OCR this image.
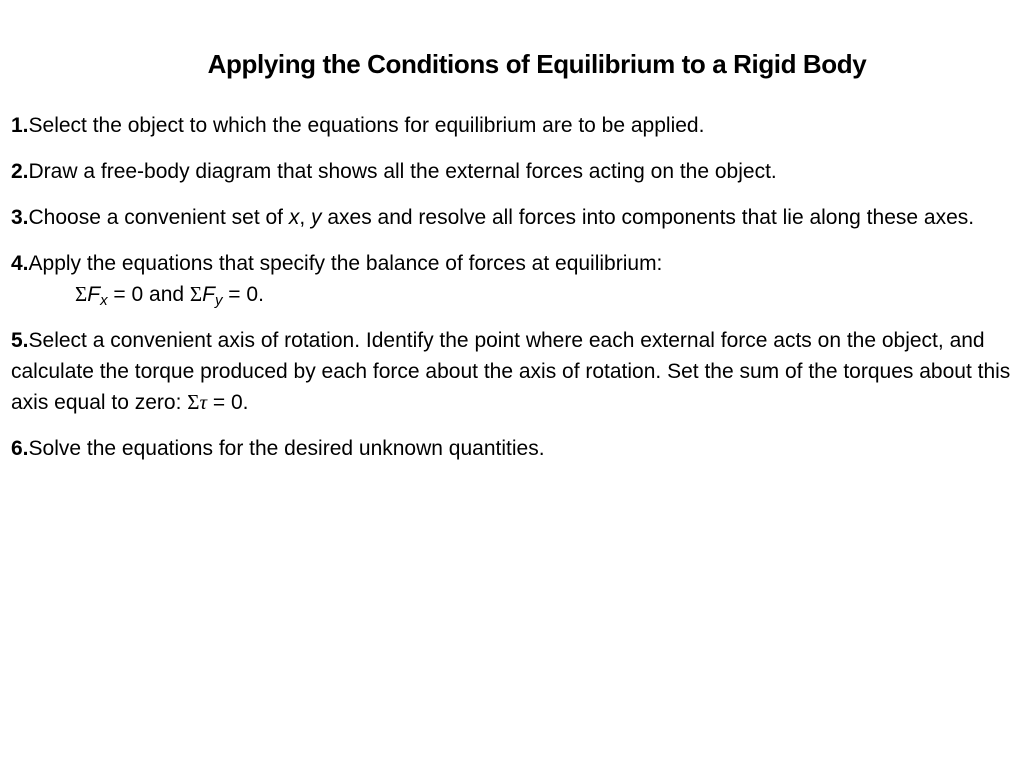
Applying the Conditions of Equilibrium to a Rigid Body

1.Select the object to which the equations for equilibrium are to be applied.

2.Draw a free-body diagram that shows all the external forces acting on the object.

3.Choose a convenient set of x, y axes and resolve all forces into components that lie along these axes.

4.Apply the equations that specify the balance of forces at equilibrium:
$\Sigma F_x = 0$ and $\Sigma F_y = 0$.

5.Select a convenient axis of rotation. Identify the point where each external force acts on the object, and calculate the torque produced by each force about the axis of rotation. Set the sum of the torques about this axis equal to zero: Στ = 0.

6.Solve the equations for the desired unknown quantities.
